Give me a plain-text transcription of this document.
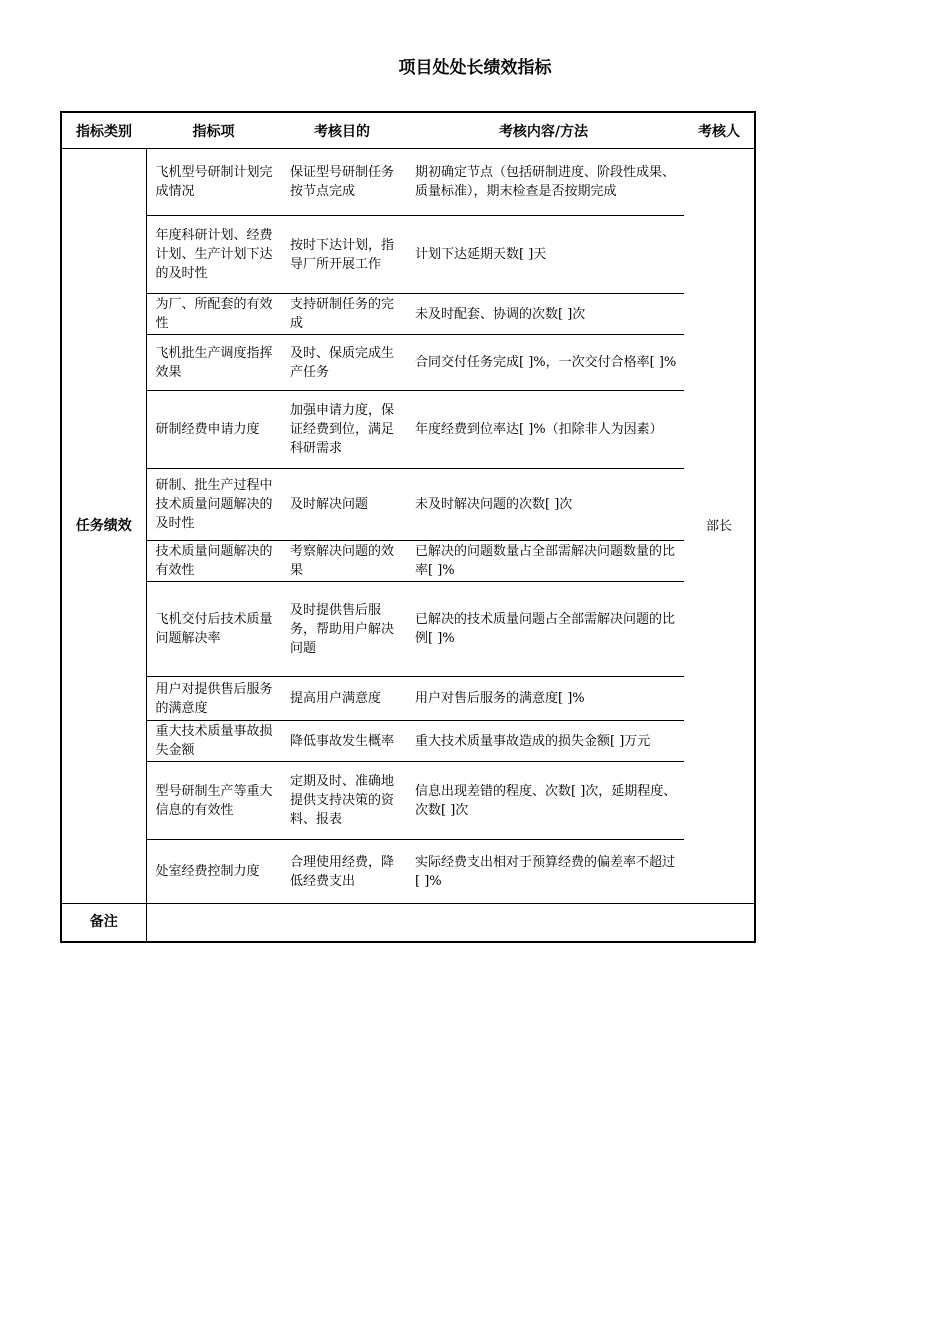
项目处处长绩效指标
指标类别	指标项	考核目的	考核内容/方法	考核人
任务绩效	飞机型号研制计划完成情况	保证型号研制任务按节点完成	期初确定节点（包括研制进度、阶段性成果、质量标准），期末检查是否按期完成	部长
	年度科研计划、经费计划、生产计划下达的及时性	按时下达计划，指导厂所开展工作	计划下达延期天数[ ]天	
	为厂、所配套的有效性	支持研制任务的完成	未及时配套、协调的次数[ ]次	
	飞机批生产调度指挥效果	及时、保质完成生产任务	合同交付任务完成[ ]%，一次交付合格率[ ]%	
	研制经费申请力度	加强申请力度，保证经费到位，满足科研需求	年度经费到位率达[ ]%（扣除非人为因素）	
	研制、批生产过程中技术质量问题解决的及时性	及时解决问题	未及时解决问题的次数[ ]次	
	技术质量问题解决的有效性	考察解决问题的效果	已解决的问题数量占全部需解决问题数量的比率[ ]%	
	飞机交付后技术质量问题解决率	及时提供售后服务，帮助用户解决问题	已解决的技术质量问题占全部需解决问题的比例[ ]%	
	用户对提供售后服务的满意度	提高用户满意度	用户对售后服务的满意度[ ]%	
	重大技术质量事故损失金额	降低事故发生概率	重大技术质量事故造成的损失金额[ ]万元	
	型号研制生产等重大信息的有效性	定期及时、准确地提供支持决策的资料、报表	信息出现差错的程度、次数[ ]次，延期程度、次数[ ]次	
	处室经费控制力度	合理使用经费，降低经费支出	实际经费支出相对于预算经费的偏差率不超过[ ]%	
备注				
